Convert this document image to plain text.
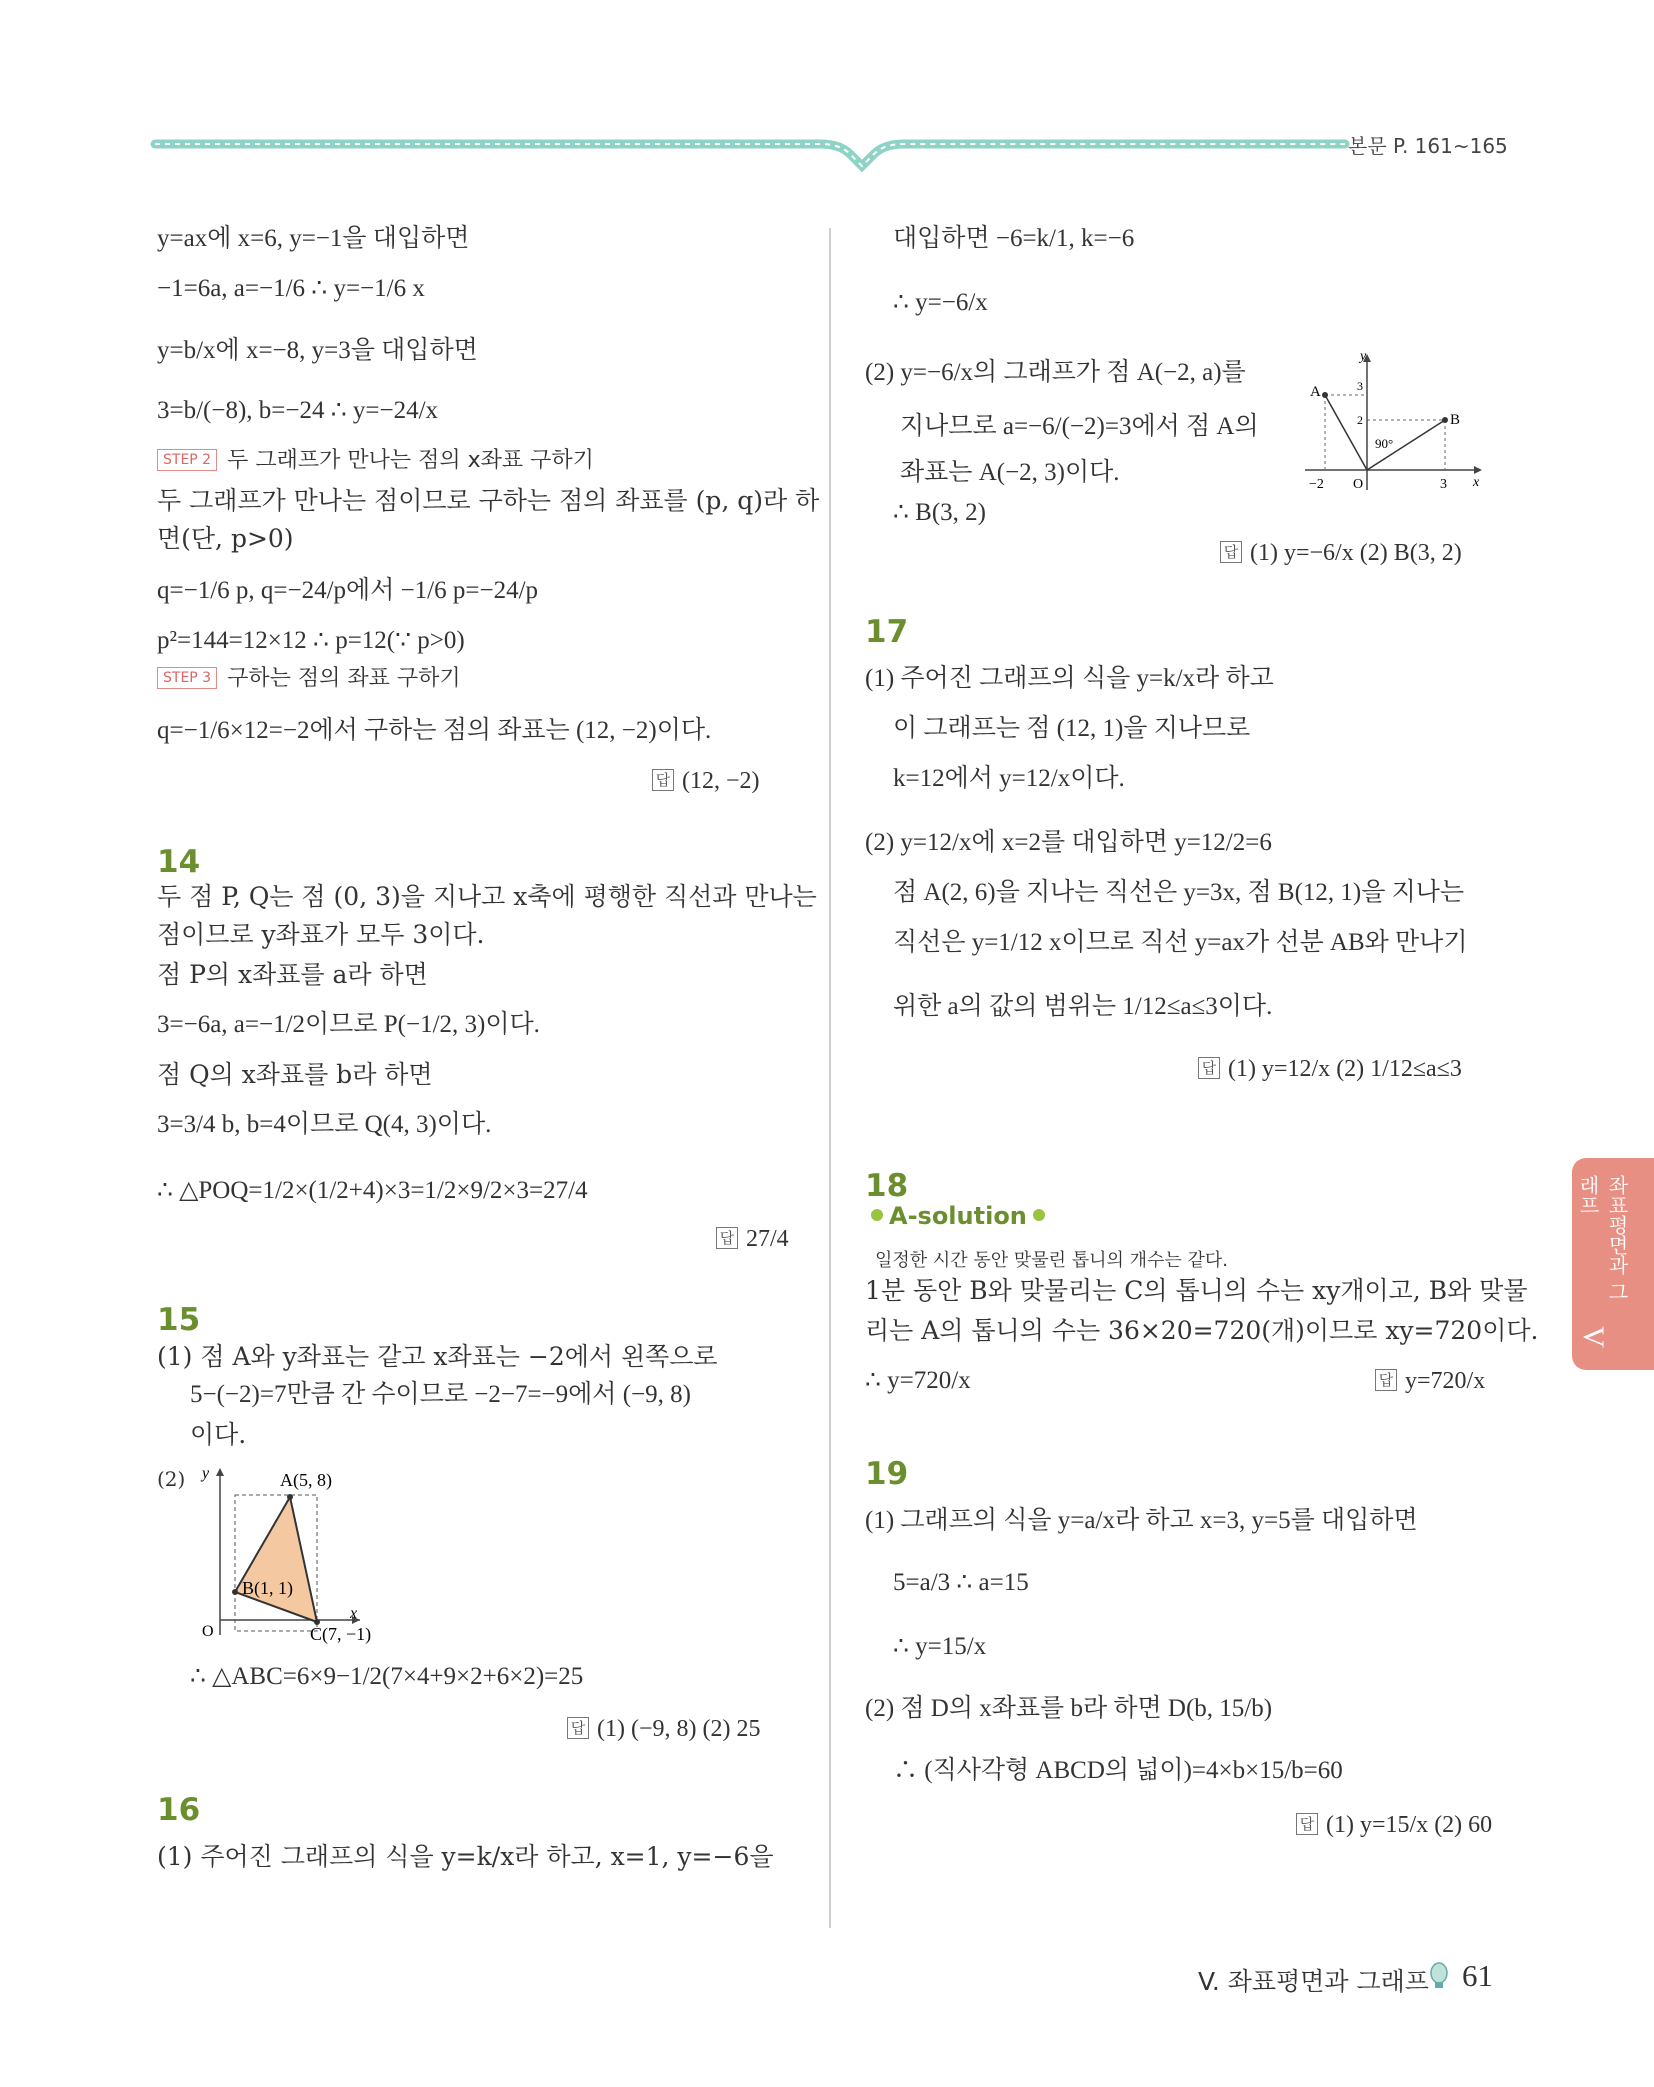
본문 P. 161~165
y=ax에 x=6, y=−1을 대입하면
−1=6a, a=−1/6 ∴ y=−1/6 x
y=b/x에 x=−8, y=3을 대입하면
3=b/(−8), b=−24 ∴ y=−24/x
STEP 2 두 그래프가 만나는 점의 x좌표 구하기
두 그래프가 만나는 점이므로 구하는 점의 좌표를 (p, q)라 하
면(단, p>0)
q=−1/6 p, q=−24/p에서 −1/6 p=−24/p
p²=144=12×12 ∴ p=12(∵ p>0)
STEP 3 구하는 점의 좌표 구하기
q=−1/6×12=−2에서 구하는 점의 좌표는 (12, −2)이다.
답 (12, −2)
14
두 점 P, Q는 점 (0, 3)을 지나고 x축에 평행한 직선과 만나는
점이므로 y좌표가 모두 3이다.
점 P의 x좌표를 a라 하면
3=−6a, a=−1/2이므로 P(−1/2, 3)이다.
점 Q의 x좌표를 b라 하면
3=3/4 b, b=4이므로 Q(4, 3)이다.
∴ △POQ=1/2×(1/2+4)×3=1/2×9/2×3=27/4
답 27/4
15
(1) 점 A와 y좌표는 같고 x좌표는 −2에서 왼쪽으로
5−(−2)=7만큼 간 수이므로 −2−7=−9에서 (−9, 8)
이다.
(2) y
x
O
A(5, 8)
B(1, 1)
C(7, −1)
∴ △ABC=6×9−1/2(7×4+9×2+6×2)=25
답 (1) (−9, 8) (2) 25
16
(1) 주어진 그래프의 식을 y=k/x라 하고, x=1, y=−6을
대입하면 −6=k/1, k=−6
∴ y=−6/x
(2) y=−6/x의 그래프가 점 A(−2, a)를
지나므로 a=−6/(−2)=3에서 점 A의
좌표는 A(−2, 3)이다.
∴ B(3, 2)
y
x
O
A
B
3
2
−2	3
90°
답 (1) y=−6/x (2) B(3, 2)
17
(1) 주어진 그래프의 식을 y=k/x라 하고
이 그래프는 점 (12, 1)을 지나므로
k=12에서 y=12/x이다.
(2) y=12/x에 x=2를 대입하면 y=12/2=6
점 A(2, 6)을 지나는 직선은 y=3x, 점 B(12, 1)을 지나는
직선은 y=1/12 x이므로 직선 y=ax가 선분 AB와 만나기
위한 a의 값의 범위는 1/12≤a≤3이다.
답 (1) y=12/x (2) 1/12≤a≤3
18
A-solution
일정한 시간 동안 맞물린 톱니의 개수는 같다.
1분 동안 B와 맞물리는 C의 톱니의 수는 xy개이고, B와 맞물
리는 A의 톱니의 수는 36×20=720(개)이므로 xy=720이다.
∴ y=720/x	답 y=720/x
19
(1) 그래프의 식을 y=a/x라 하고 x=3, y=5를 대입하면
5=a/3 ∴ a=15
∴ y=15/x
(2) 점 D의 x좌표를 b라 하면 D(b, 15/b)
∴ (직사각형 ABCD의 넓이)=4×b×15/b=60
답 (1) y=15/x (2) 60
좌표평면과 그래프
V
V. 좌표평면과 그래프 61
